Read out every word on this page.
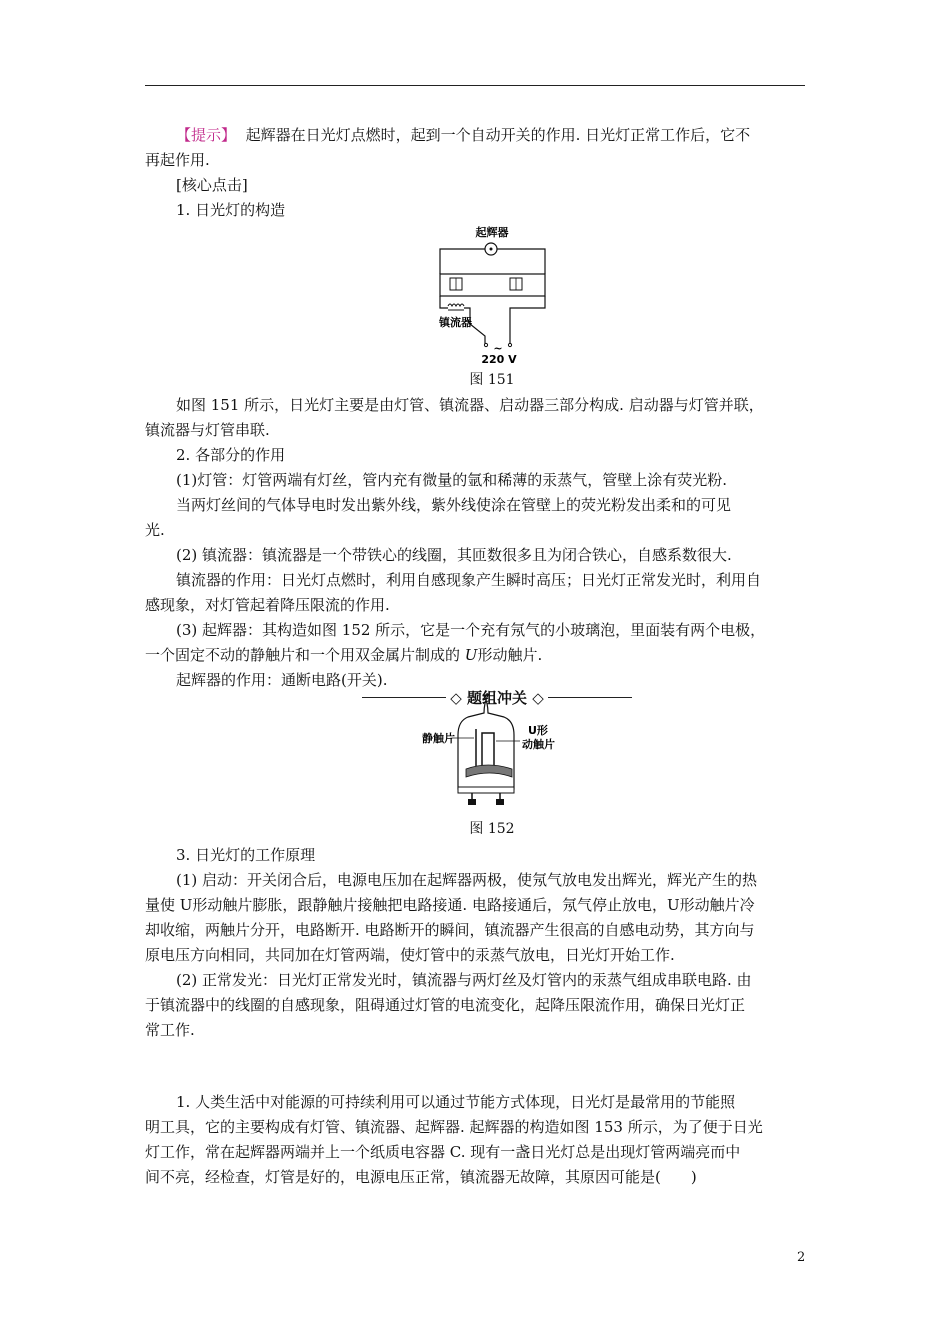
【提示】 起辉器在日光灯点燃时，起到一个自动开关的作用. 日光灯正常工作后，它不

再起作用.

[核心点击]

1. 日光灯的构造

起辉器
镇流器
~
220 V
图 151

如图 151 所示，日光灯主要是由灯管、镇流器、启动器三部分构成. 启动器与灯管并联，

镇流器与灯管串联.

2. 各部分的作用

(1)灯管：灯管两端有灯丝，管内充有微量的氩和稀薄的汞蒸气，管壁上涂有荧光粉.

当两灯丝间的气体导电时发出紫外线，紫外线使涂在管壁上的荧光粉发出柔和的可见

光.

(2) 镇流器：镇流器是一个带铁心的线圈，其匝数很多且为闭合铁心，自感系数很大.

镇流器的作用：日光灯点燃时，利用自感现象产生瞬时高压；日光灯正常发光时，利用自

感现象，对灯管起着降压限流的作用.

(3) 起辉器：其构造如图 152 所示，它是一个充有氖气的小玻璃泡，里面装有两个电极，

一个固定不动的静触片和一个用双金属片制成的 U形动触片.

起辉器的作用：通断电路(开关).

静触片
U形
动触片
图 152

3. 日光灯的工作原理

(1) 启动：开关闭合后，电源电压加在起辉器两极，使氖气放电发出辉光，辉光产生的热

量使 U形动触片膨胀，跟静触片接触把电路接通. 电路接通后，氖气停止放电，U形动触片冷

却收缩，两触片分开，电路断开. 电路断开的瞬间，镇流器产生很高的自感电动势，其方向与

原电压方向相同，共同加在灯管两端，使灯管中的汞蒸气放电，日光灯开始工作.

(2) 正常发光：日光灯正常发光时，镇流器与两灯丝及灯管内的汞蒸气组成串联电路. 由

于镇流器中的线圈的自感现象，阻碍通过灯管的电流变化，起降压限流作用，确保日光灯正

常工作.

◇ 题组冲关 ◇

1. 人类生活中对能源的可持续利用可以通过节能方式体现，日光灯是最常用的节能照

明工具，它的主要构成有灯管、镇流器、起辉器. 起辉器的构造如图 153 所示，为了便于日光

灯工作，常在起辉器两端并上一个纸质电容器 C. 现有一盏日光灯总是出现灯管两端亮而中

间不亮，经检查，灯管是好的，电源电压正常，镇流器无故障，其原因可能是(　　)

2
